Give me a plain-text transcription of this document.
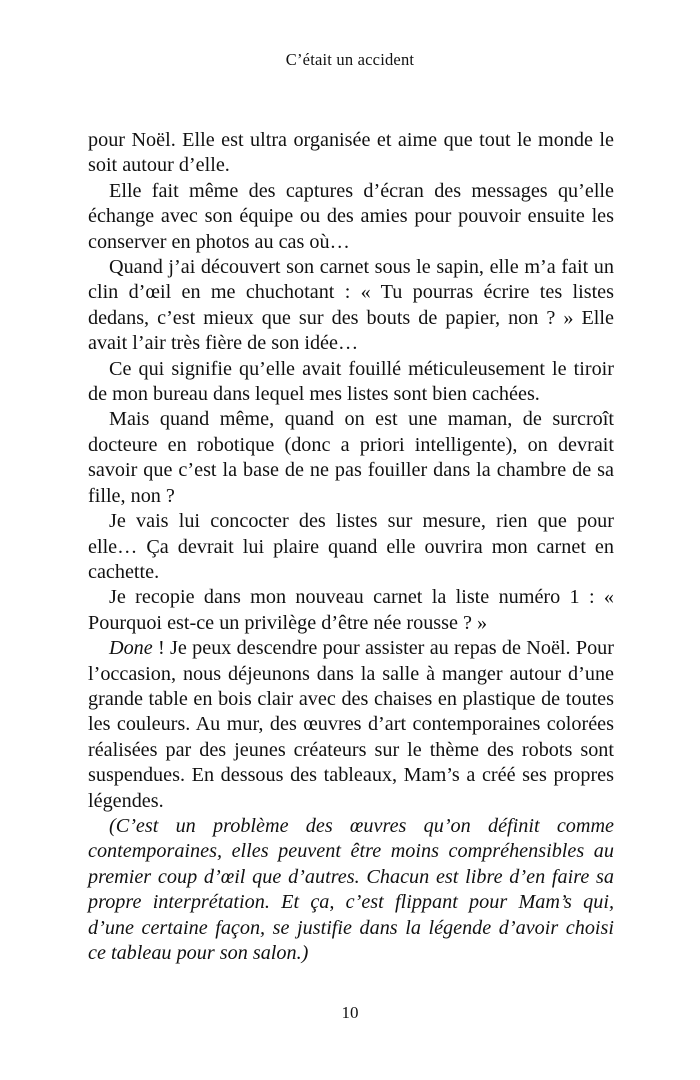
C’était un accident

pour Noël. Elle est ultra organisée et aime que tout le monde le soit autour d’elle.

Elle fait même des captures d’écran des messages qu’elle échange avec son équipe ou des amies pour pouvoir ensuite les conserver en photos au cas où…

Quand j’ai découvert son carnet sous le sapin, elle m’a fait un clin d’œil en me chuchotant : « Tu pourras écrire tes listes dedans, c’est mieux que sur des bouts de papier, non ? » Elle avait l’air très fière de son idée…

Ce qui signifie qu’elle avait fouillé méticuleusement le tiroir de mon bureau dans lequel mes listes sont bien cachées.

Mais quand même, quand on est une maman, de surcroît docteure en robotique (donc a priori intelligente), on devrait savoir que c’est la base de ne pas fouiller dans la chambre de sa fille, non ?

Je vais lui concocter des listes sur mesure, rien que pour elle… Ça devrait lui plaire quand elle ouvrira mon carnet en cachette.

Je recopie dans mon nouveau carnet la liste numéro 1 : « Pourquoi est-ce un privilège d’être née rousse ? »

Done ! Je peux descendre pour assister au repas de Noël. Pour l’occasion, nous déjeunons dans la salle à manger autour d’une grande table en bois clair avec des chaises en plastique de toutes les couleurs. Au mur, des œuvres d’art contemporaines colorées réalisées par des jeunes créateurs sur le thème des robots sont suspendues. En dessous des tableaux, Mam’s a créé ses propres légendes.

(C’est un problème des œuvres qu’on définit comme contemporaines, elles peuvent être moins compréhensibles au premier coup d’œil que d’autres. Chacun est libre d’en faire sa propre interprétation. Et ça, c’est flippant pour Mam’s qui, d’une certaine façon, se justifie dans la légende d’avoir choisi ce tableau pour son salon.)

10
